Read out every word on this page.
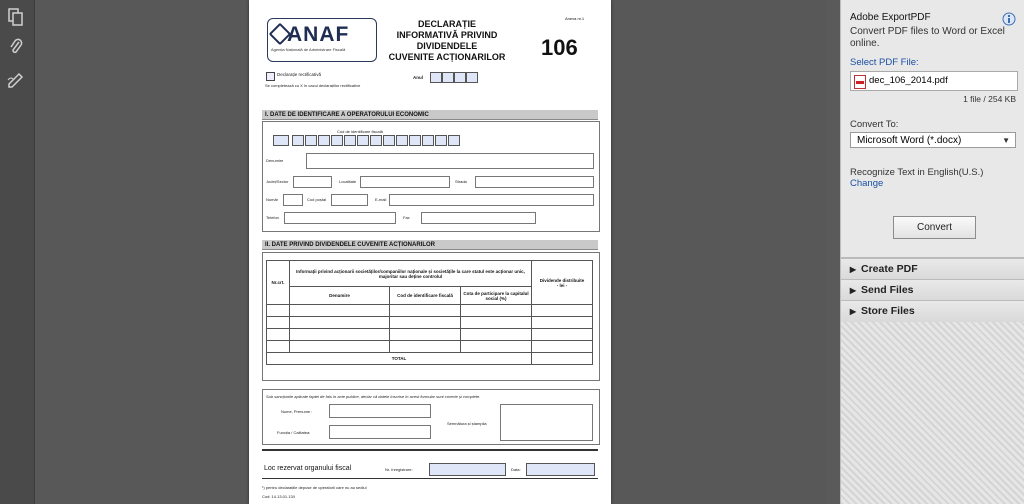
Anexa nr.1
ANAF
Agenția Națională de Administrare Fiscală
DECLARAȚIE
INFORMATIVĂ PRIVIND DIVIDENDELE
CUVENITE ACȚIONARILOR	106
Declarație rectificativă
Se completează cu X în cazul declarațiilor rectificative
Anul
I. DATE DE IDENTIFICARE A OPERATORULUI ECONOMIC
Cod de identificare fiscală
Denumire
Județ/Sector	Localitate	Strada
Număr	Cod poștal	E-mail
Telefon	Fax
II. DATE PRIVIND DIVIDENDELE CUVENITE ACȚIONARILOR
Nr.crt.	Informații privind acționarii societăților/companiilor naționale și societățile la care statul este acționar unic, majoritar sau deține controlul			Dividende distribuite
- lei -

	Denumire	Cod de identificare fiscală	Cota de participare la capitalul social (%)	

TOTAL				
Sub sancțiunile aplicate faptei de fals în acte publice, declar că datele înscrise în acest formular sunt corecte și complete.
Nume, Prenume :
Funcția / Calitatea:
Semnătura și ștampila
Loc rezervat organului fiscal	Nr. înregistrare:	Data:
¹) pentru declarațiile depuse de operatorii care nu au sediul
Cod: 14.13.01.13/I
Adobe ExportPDF
Convert PDF files to Word or Excel online.
Select PDF File:
dec_106_2014.pdf
1 file / 254 KB
Convert To:
Microsoft Word (*.docx)	▼
Recognize Text in English(U.S.)
Change
Convert
▶ Create PDF
▶ Send Files
▶ Store Files
